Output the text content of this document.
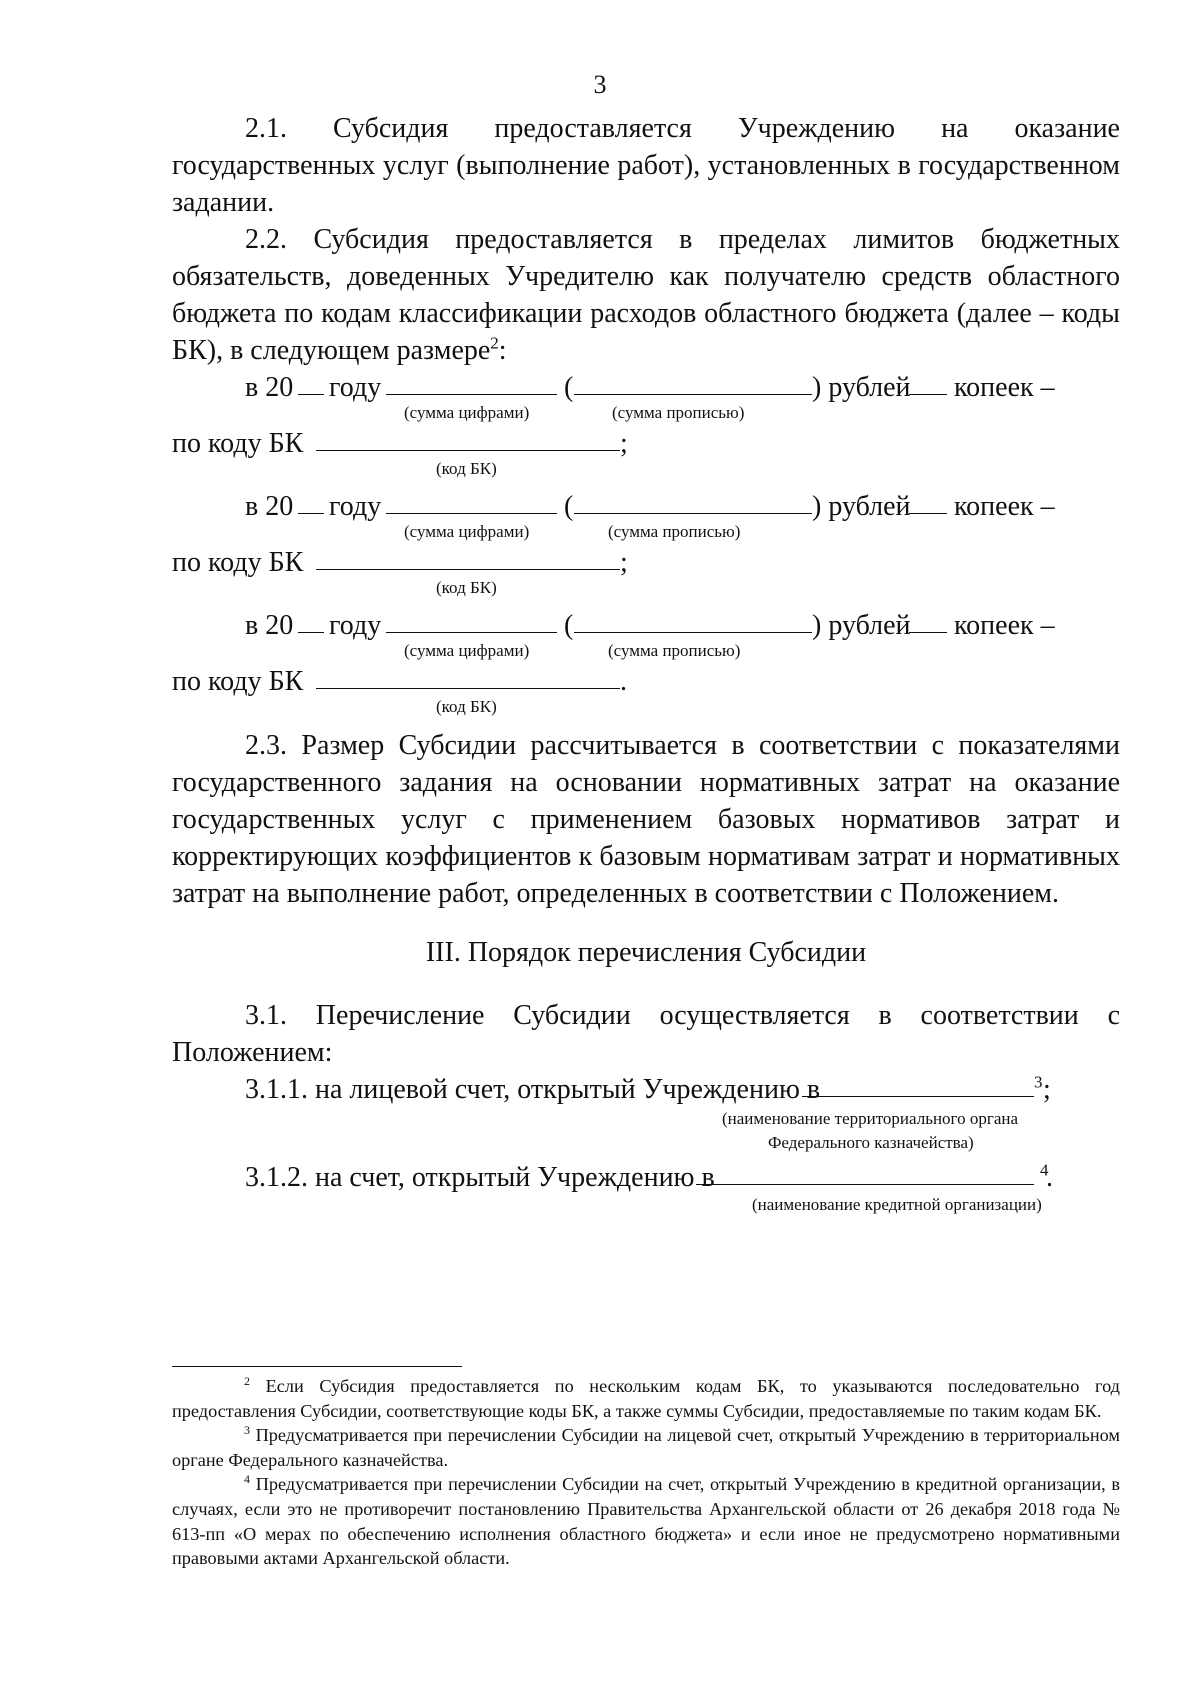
3

2.1. Субсидия предоставляется Учреждению на оказание государственных услуг (выполнение работ), установленных в государственном задании.

2.2. Субсидия предоставляется в пределах лимитов бюджетных обязательств, доведенных Учредителю как получателю средств областного бюджета по кодам классификации расходов областного бюджета (далее – коды БК), в следующем размере$^2$:

в 20 году	(	) рублей копеек –
(сумма цифрами)	(сумма прописью)
по коду БК	;
(код БК)
в 20 году	(	) рублей копеек –
(сумма цифрами)	(сумма прописью)
по коду БК	;
(код БК)
в 20 году	(	) рублей копеек –
(сумма цифрами)	(сумма прописью)
по коду БК	.
(код БК)

2.3. Размер Субсидии рассчитывается в соответствии с показателями государственного задания на основании нормативных затрат на оказание государственных услуг с применением базовых нормативов затрат и корректирующих коэффициентов к базовым нормативам затрат и нормативных затрат на выполнение работ, определенных в соответствии с Положением.

III. Порядок перечисления Субсидии

3.1. Перечисление Субсидии осуществляется в соответствии с Положением:

3.1.1. на лицевой счет, открытый Учреждению в	$^3$ ;
(наименование территориального органа
Федерального казначейства)
3.1.2. на счет, открытый Учреждению в	$^4$
.
(наименование кредитной организации)

$^2$ Если Субсидия предоставляется по нескольким кодам БК, то указываются последовательно год предоставления Субсидии, соответствующие коды БК, а также суммы Субсидии, предоставляемые по таким кодам БК.

$^3$ Предусматривается при перечислении Субсидии на лицевой счет, открытый Учреждению в территориальном органе Федерального казначейства.

$^4$ Предусматривается при перечислении Субсидии на счет, открытый Учреждению в кредитной организации, в случаях, если это не противоречит постановлению Правительства Архангельской области от 26 декабря 2018 года № 613-пп «О мерах по обеспечению исполнения областного бюджета» и если иное не предусмотрено нормативными правовыми актами Архангельской области.
